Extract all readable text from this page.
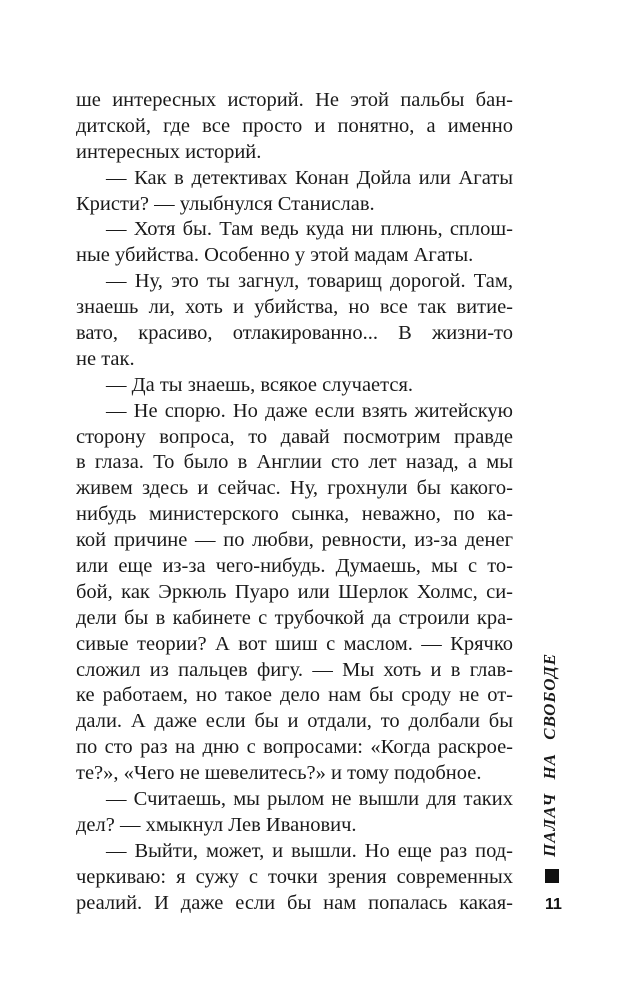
ше интересных историй. Не этой пальбы бан-
дитской, где все просто и понятно, а именно
интересных историй.
— Как в детективах Конан Дойла или Агаты
Кристи? — улыбнулся Станислав.
— Хотя бы. Там ведь куда ни плюнь, сплош-
ные убийства. Особенно у этой мадам Агаты.
— Ну, это ты загнул, товарищ дорогой. Там,
знаешь ли, хоть и убийства, но все так витие-
вато, красиво, отлакированно... В жизни-то
не так.
— Да ты знаешь, всякое случается.
— Не спорю. Но даже если взять житейскую
сторону вопроса, то давай посмотрим правде
в глаза. То было в Англии сто лет назад, а мы
живем здесь и сейчас. Ну, грохнули бы какого-
нибудь министерского сынка, неважно, по ка-
кой причине — по любви, ревности, из-за денег
или еще из-за чего-нибудь. Думаешь, мы с то-
бой, как Эркюль Пуаро или Шерлок Холмс, си-
дели бы в кабинете с трубочкой да строили кра-
сивые теории? А вот шиш с маслом. — Крячко
сложил из пальцев фигу. — Мы хоть и в глав-
ке работаем, но такое дело нам бы сроду не от-
дали. А даже если бы и отдали, то долбали бы
по сто раз на дню с вопросами: «Когда раскрое-
те?», «Чего не шевелитесь?» и тому подобное.
— Считаешь, мы рылом не вышли для таких
дел? — хмыкнул Лев Иванович.
— Выйти, может, и вышли. Но еще раз под-
черкиваю: я сужу с точки зрения современных
реалий. И даже если бы нам попалась какая-
ПАЛАЧ НА СВОБОДЕ
11
